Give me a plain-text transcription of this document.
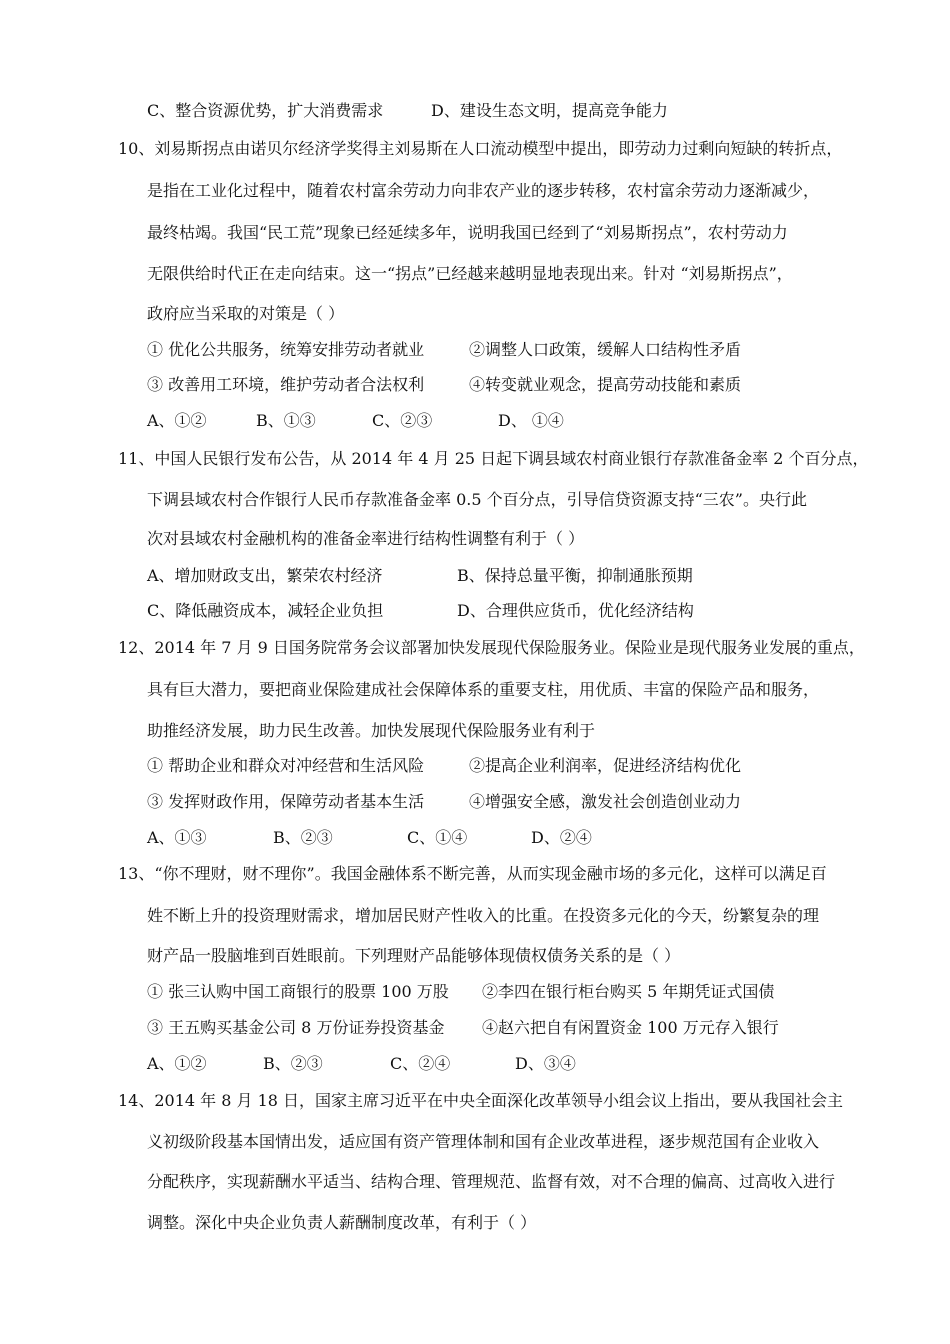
C、整合资源优势，扩大消费需求	D、建设生态文明，提高竞争能力
10、刘易斯拐点由诺贝尔经济学奖得主刘易斯在人口流动模型中提出，即劳动力过剩向短缺的转折点，
是指在工业化过程中，随着农村富余劳动力向非农产业的逐步转移，农村富余劳动力逐渐减少，
最终枯竭。我国“民工荒”现象已经延续多年，说明我国已经到了“刘易斯拐点”，农村劳动力
无限供给时代正在走向结束。这一“拐点”已经越来越明显地表现出来。针对 “刘易斯拐点”，
政府应当采取的对策是（ ）
① 优化公共服务，统筹安排劳动者就业	②调整人口政策，缓解人口结构性矛盾
③ 改善用工环境，维护劳动者合法权利	④转变就业观念，提高劳动技能和素质
A、①②	B、①③	C、②③	D、 ①④
11、中国人民银行发布公告，从 2014 年 4 月 25 日起下调县域农村商业银行存款准备金率 2 个百分点，
下调县域农村合作银行人民币存款准备金率 0.5 个百分点，引导信贷资源支持“三农”。央行此
次对县域农村金融机构的准备金率进行结构性调整有利于（ ）
A、增加财政支出，繁荣农村经济	B、保持总量平衡，抑制通胀预期
C、降低融资成本，减轻企业负担	D、合理供应货币，优化经济结构
12、2014 年 7 月 9 日国务院常务会议部署加快发展现代保险服务业。保险业是现代服务业发展的重点，
具有巨大潜力，要把商业保险建成社会保障体系的重要支柱，用优质、丰富的保险产品和服务，
助推经济发展，助力民生改善。加快发展现代保险服务业有利于
① 帮助企业和群众对冲经营和生活风险	②提高企业利润率，促进经济结构优化
③ 发挥财政作用，保障劳动者基本生活	④增强安全感，激发社会创造创业动力
A、①③	B、②③	C、①④	D、②④
13、“你不理财，财不理你”。我国金融体系不断完善，从而实现金融市场的多元化，这样可以满足百
姓不断上升的投资理财需求，增加居民财产性收入的比重。在投资多元化的今天，纷繁复杂的理
财产品一股脑堆到百姓眼前。下列理财产品能够体现债权债务关系的是（ ）
① 张三认购中国工商银行的股票 100 万股 ②李四在银行柜台购买 5 年期凭证式国债
③ 王五购买基金公司 8 万份证券投资基金 ④赵六把自有闲置资金 100 万元存入银行
A、①②	B、②③	C、②④	D、③④
14、2014 年 8 月 18 日，国家主席习近平在中央全面深化改革领导小组会议上指出，要从我国社会主
义初级阶段基本国情出发，适应国有资产管理体制和国有企业改革进程，逐步规范国有企业收入
分配秩序，实现薪酬水平适当、结构合理、管理规范、监督有效，对不合理的偏高、过高收入进行
调整。深化中央企业负责人薪酬制度改革，有利于（ ）
